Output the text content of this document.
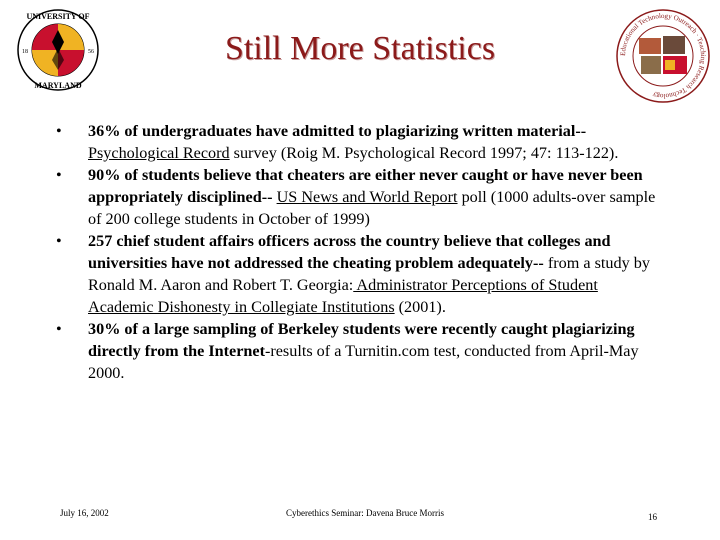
UNIVERSITY OF
MARYLAND
18	56	Still More Statistics	Educational Technology Outreach · Teaching Research Technology
•	36% of undergraduates have admitted to plagiarizing written material-- Psychological Record survey (Roig M. Psychological Record 1997; 47: 113-122).
•	90% of students believe that cheaters are either never caught or have never been appropriately disciplined-- US News and World Report poll (1000 adults-over sample of 200 college students in October of 1999)
•	257 chief student affairs officers across the country believe that colleges and universities have not addressed the cheating problem adequately-- from a study by Ronald M. Aaron and Robert T. Georgia: Administrator Perceptions of Student Academic Dishonesty in Collegiate Institutions (2001).
•	30% of a large sampling of Berkeley students were recently caught plagiarizing directly from the Internet-results of a Turnitin.com test, conducted from April-May 2000.
July 16, 2002	Cyberethics Seminar: Davena Bruce Morris	16
